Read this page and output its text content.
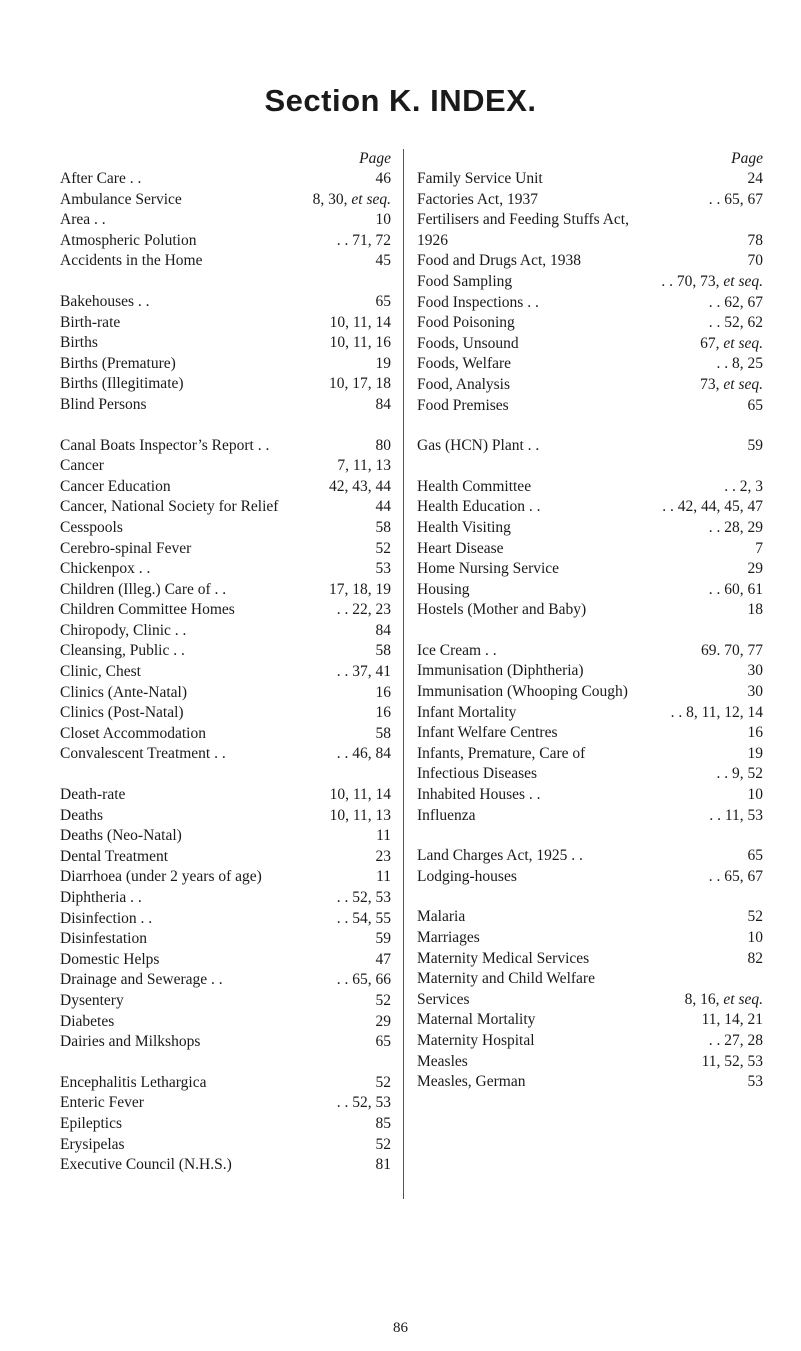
Section K. INDEX.
Page
After Care . .	46
Ambulance Service	8, 30, et seq.
Area . .	10
Atmospheric Polution	. . 71, 72
Accidents in the Home	45
Bakehouses . .	65
Birth-rate	10, 11, 14
Births	10, 11, 16
Births (Premature)	19
Births (Illegitimate)	10, 17, 18
Blind Persons	84
Canal Boats Inspector’s Report . .	80
Cancer	7, 11, 13
Cancer Education	42, 43, 44
Cancer, National Society for Relief	44
Cesspools	58
Cerebro-spinal Fever	52
Chickenpox . .	53
Children (Illeg.) Care of . .	17, 18, 19
Children Committee Homes	. . 22, 23
Chiropody, Clinic . .	84
Cleansing, Public . .	58
Clinic, Chest	. . 37, 41
Clinics (Ante-Natal)	16
Clinics (Post-Natal)	16
Closet Accommodation	58
Convalescent Treatment . .	. . 46, 84
Death-rate	10, 11, 14
Deaths	10, 11, 13
Deaths (Neo-Natal)	11
Dental Treatment	23
Diarrhoea (under 2 years of age)	11
Diphtheria . .	. . 52, 53
Disinfection . .	. . 54, 55
Disinfestation	59
Domestic Helps	47
Drainage and Sewerage . .	. . 65, 66
Dysentery	52
Diabetes	29
Dairies and Milkshops	65
Encephalitis Lethargica	52
Enteric Fever	. . 52, 53
Epileptics	85
Erysipelas	52
Executive Council (N.H.S.)	81
Page
Family Service Unit	24
Factories Act, 1937	. . 65, 67
Fertilisers and Feeding Stuffs Act,
1926	78
Food and Drugs Act, 1938	70
Food Sampling	. . 70, 73, et seq.
Food Inspections . .	. . 62, 67
Food Poisoning	. . 52, 62
Foods, Unsound	67, et seq.
Foods, Welfare	. . 8, 25
Food, Analysis	73, et seq.
Food Premises	65
Gas (HCN) Plant . .	59
Health Committee	. . 2, 3
Health Education . .	. . 42, 44, 45, 47
Health Visiting	. . 28, 29
Heart Disease	7
Home Nursing Service	29
Housing	. . 60, 61
Hostels (Mother and Baby)	18
Ice Cream . .	69. 70, 77
Immunisation (Diphtheria)	30
Immunisation (Whooping Cough)	30
Infant Mortality	. . 8, 11, 12, 14
Infant Welfare Centres	16
Infants, Premature, Care of	19
Infectious Diseases	. . 9, 52
Inhabited Houses . .	10
Influenza	. . 11, 53
Land Charges Act, 1925 . .	65
Lodging-houses	. . 65, 67
Malaria	52
Marriages	10
Maternity Medical Services	82
Maternity and Child Welfare
Services	8, 16, et seq.
Maternal Mortality	11, 14, 21
Maternity Hospital	. . 27, 28
Measles	11, 52, 53
Measles, German	53
86
